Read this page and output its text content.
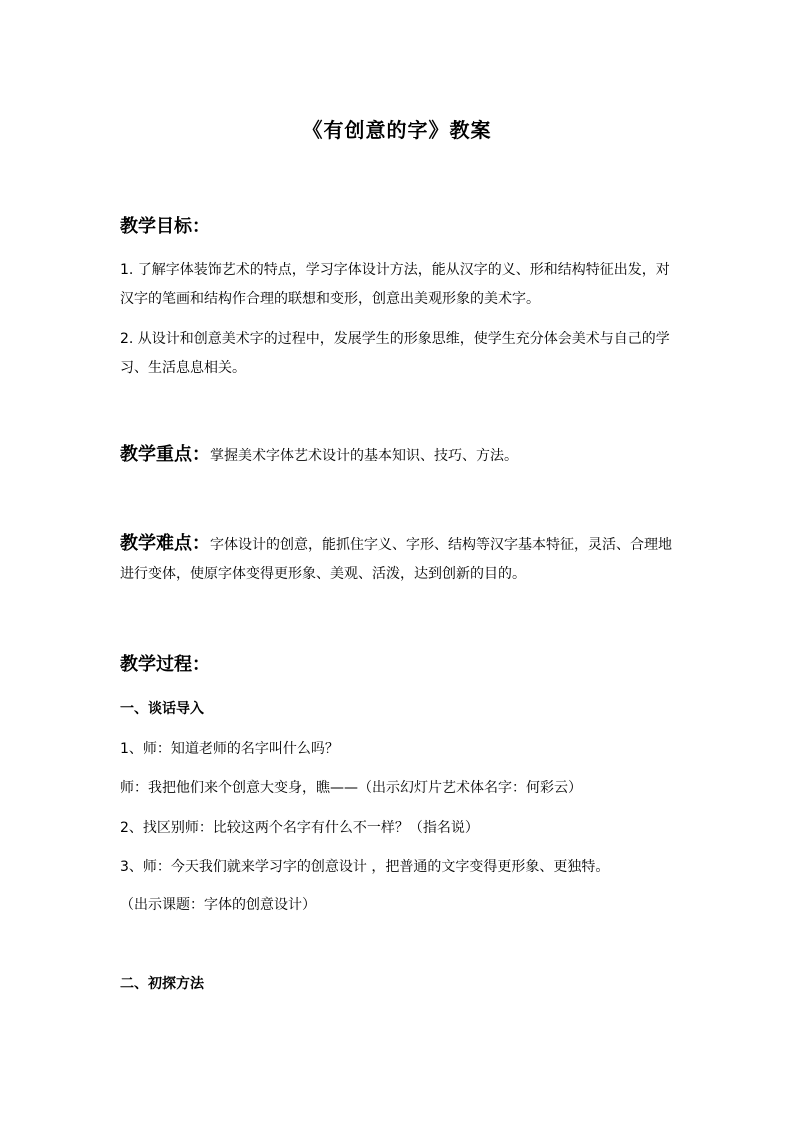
《有创意的字》教案
教学目标：
1. 了解字体装饰艺术的特点，学习字体设计方法，能从汉字的义、形和结构特征出发，对汉字的笔画和结构作合理的联想和变形，创意出美观形象的美术字。
2. 从设计和创意美术字的过程中，发展学生的形象思维，使学生充分体会美术与自己的学习、生活息息相关。
教学重点：掌握美术字体艺术设计的基本知识、技巧、方法。
教学难点：字体设计的创意，能抓住字义、字形、结构等汉字基本特征，灵活、合理地进行变体，使原字体变得更形象、美观、活泼，达到创新的目的。
教学过程：
一、谈话导入
1、师：知道老师的名字叫什么吗？
师：我把他们来个创意大变身，瞧——（出示幻灯片艺术体名字：何彩云）
2、找区别师：比较这两个名字有什么不一样？（指名说）
3、师：今天我们就来学习字的创意设计 ，把普通的文字变得更形象、更独特。
（出示课题：字体的创意设计）
二、初探方法
